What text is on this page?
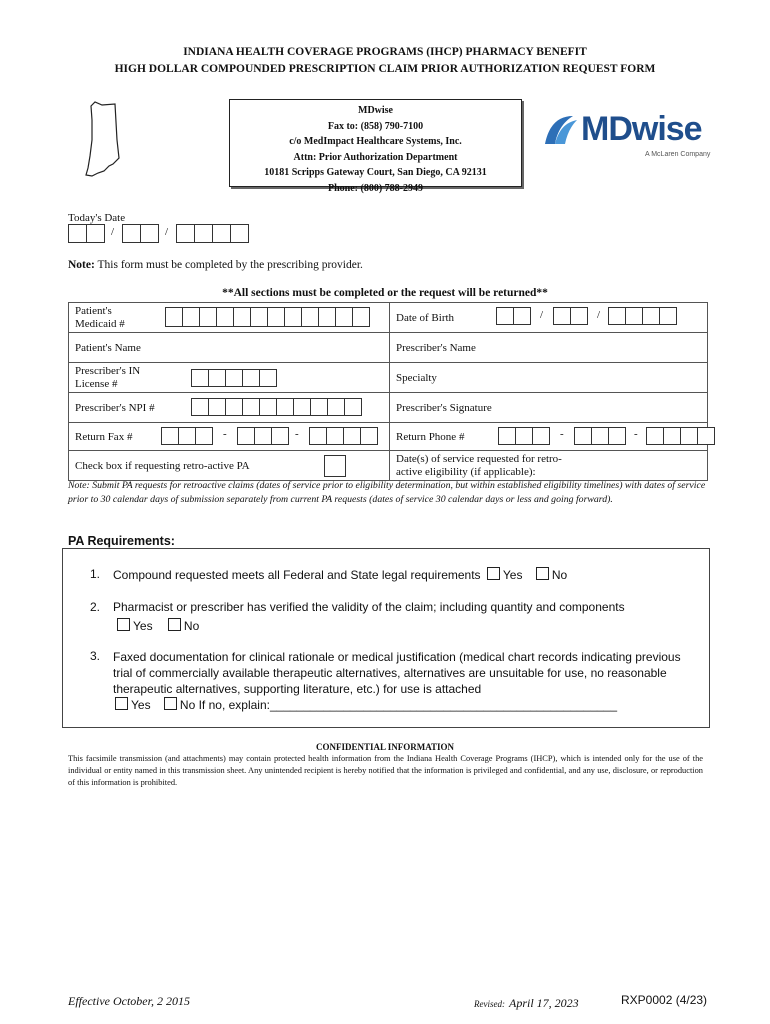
INDIANA HEALTH COVERAGE PROGRAMS (IHCP) PHARMACY BENEFIT
HIGH DOLLAR COMPOUNDED PRESCRIPTION CLAIM PRIOR AUTHORIZATION REQUEST FORM
MDwise
Fax to: (858) 790-7100
c/o MedImpact Healthcare Systems, Inc.
Attn: Prior Authorization Department
10181 Scripps Gateway Court, San Diego, CA 92131
Phone: (800) 788-2949
MDwise
A McLaren Company
Today's Date
/	/
Note: This form must be completed by the prescribing provider.
**All sections must be completed or the request will be returned**
Patient's Medicaid #	Date of Birth / /

Patient's Name	Prescriber's Name

Prescriber's IN License #	Specialty
Prescriber's NPI #	Prescriber's Signature
Return Fax # - -	Return Phone # - -

Check box if requesting retro-active PA	Date(s) of service requested for retro-active eligibility (if applicable):
Note: Submit PA requests for retroactive claims (dates of service prior to eligibility determination, but within established eligibility timelines) with dates of service prior to 30 calendar days of submission separately from current PA requests (dates of service 30 calendar days or less and going forward).
PA Requirements:
1. Compound requested meets all Federal and State legal requirements Yes No
2. Pharmacist or prescriber has verified the validity of the claim; including quantity and components
Yes	No
3. Faxed documentation for clinical rationale or medical justification (medical chart records indicating previous trial of commercially available therapeutic alternatives, alternatives are unsuitable for use, no reasonable therapeutic alternatives, supporting literature, etc.) for use is attached
Yes No If no, explain:____________________________________________________
CONFIDENTIAL INFORMATION
This facsimile transmission (and attachments) may contain protected health information from the Indiana Health Coverage Programs (IHCP), which is intended only for the use of the individual or entity named in this transmission sheet. Any unintended recipient is hereby notified that the information is privileged and confidential, and any use, disclosure, or reproduction of this information is prohibited.
Effective October, 2 2015	Revised: April 17, 2023	RXP0002 (4/23)
